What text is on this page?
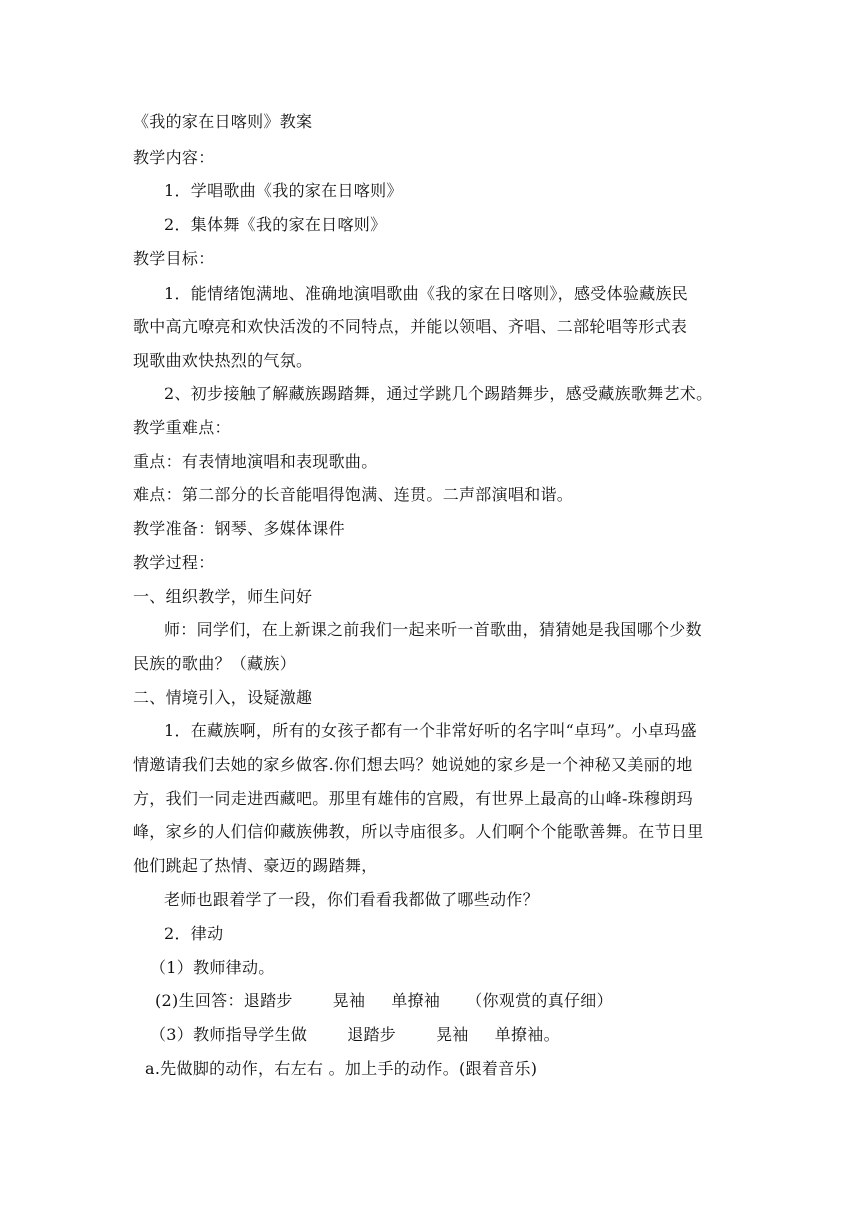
《我的家在日喀则》教案
教学内容：
1．学唱歌曲《我的家在日喀则》
2．集体舞《我的家在日喀则》
教学目标：
1．能情绪饱满地、准确地演唱歌曲《我的家在日喀则》，感受体验藏族民
歌中高亢嘹亮和欢快活泼的不同特点，并能以领唱、齐唱、二部轮唱等形式表
现歌曲欢快热烈的气氛。
2、初步接触了解藏族踢踏舞，通过学跳几个踢踏舞步，感受藏族歌舞艺术。
教学重难点：
重点：有表情地演唱和表现歌曲。
难点：第二部分的长音能唱得饱满、连贯。二声部演唱和谐。
教学准备：钢琴、多媒体课件
教学过程：
一、组织教学，师生问好
师：同学们，在上新课之前我们一起来听一首歌曲，猜猜她是我国哪个少数
民族的歌曲？（藏族）
二、情境引入，设疑激趣
1．在藏族啊，所有的女孩子都有一个非常好听的名字叫“卓玛”。小卓玛盛
情邀请我们去她的家乡做客.你们想去吗？她说她的家乡是一个神秘又美丽的地
方，我们一同走进西藏吧。那里有雄伟的宫殿，有世界上最高的山峰-珠穆朗玛
峰，家乡的人们信仰藏族佛教，所以寺庙很多。人们啊个个能歌善舞。在节日里
他们跳起了热情、豪迈的踢踏舞，
老师也跟着学了一段，你们看看我都做了哪些动作？
2．律动
（1）教师律动。
(2)生回答：退踏步	晃袖 单撩袖 （你观赏的真仔细）
（3）教师指导学生做	退踏步	晃袖 单撩袖。
a.先做脚的动作，右左右 。加上手的动作。(跟着音乐)
